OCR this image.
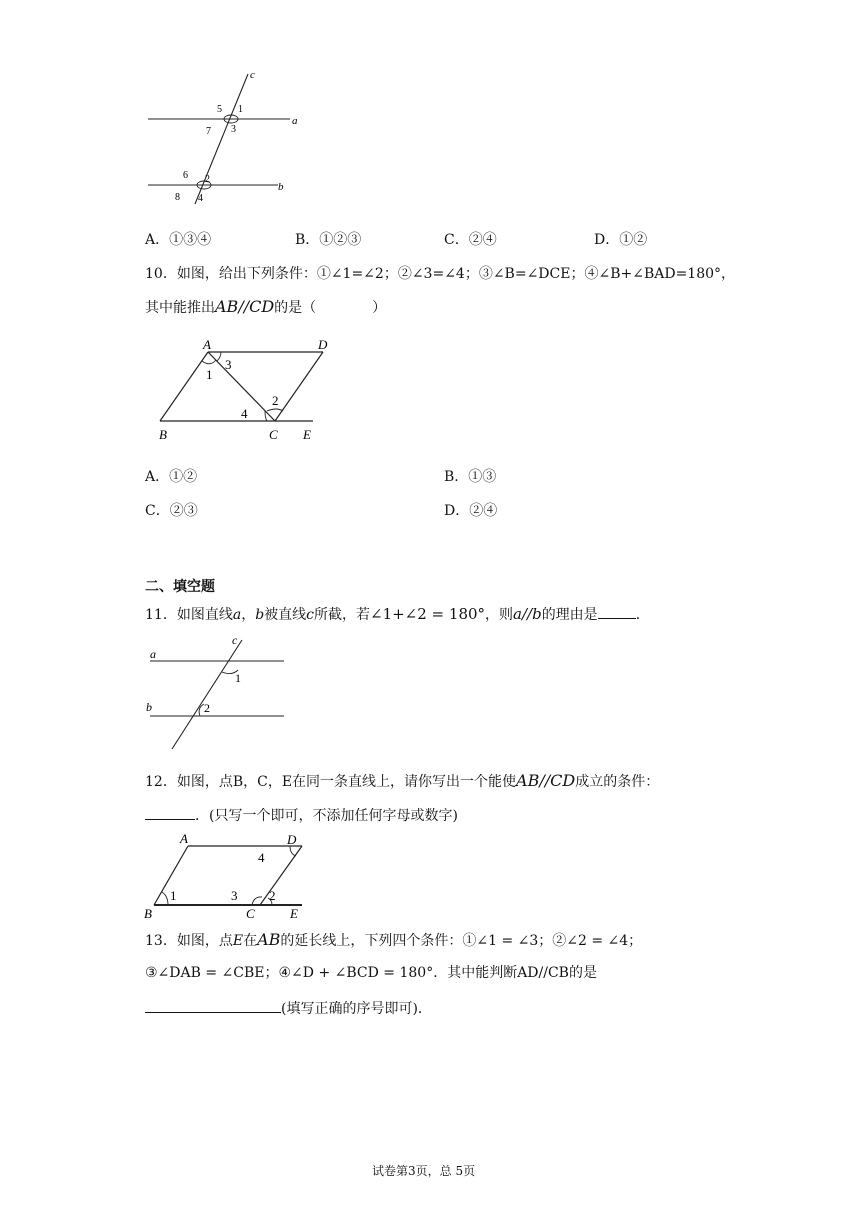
c
a
b
5 1
7 3
6 2
8 4
A．①③④	B．①②③	C．②④	D．①②
10．如图，给出下列条件：①∠1=∠2；②∠3=∠4；③∠B=∠DCE；④∠B+∠BAD=180°，
其中能推出AB//CD的是（　　　　）
A	D
B	C E
1
3
4
2
A．①②	B．①③
C．②③	D．②④
二、填空题
11．如图直线a，b被直线c所截，若∠1+∠2 = 180°，则a//b的理由是	．
c
a
b
1
2
12．如图，点B，C，E在同一条直线上，请你写出一个能使AB//CD成立的条件：
．(只写一个即可，不添加任何字母或数字)
A	D
B	C	E
1	3 2
4
13．如图，点E在AB的延长线上，下列四个条件：①∠1 = ∠3；②∠2 = ∠4；
③∠DAB = ∠CBE；④∠D + ∠BCD = 180°．其中能判断AD//CB的是
(填写正确的序号即可)．
试卷第3页，总 5页
